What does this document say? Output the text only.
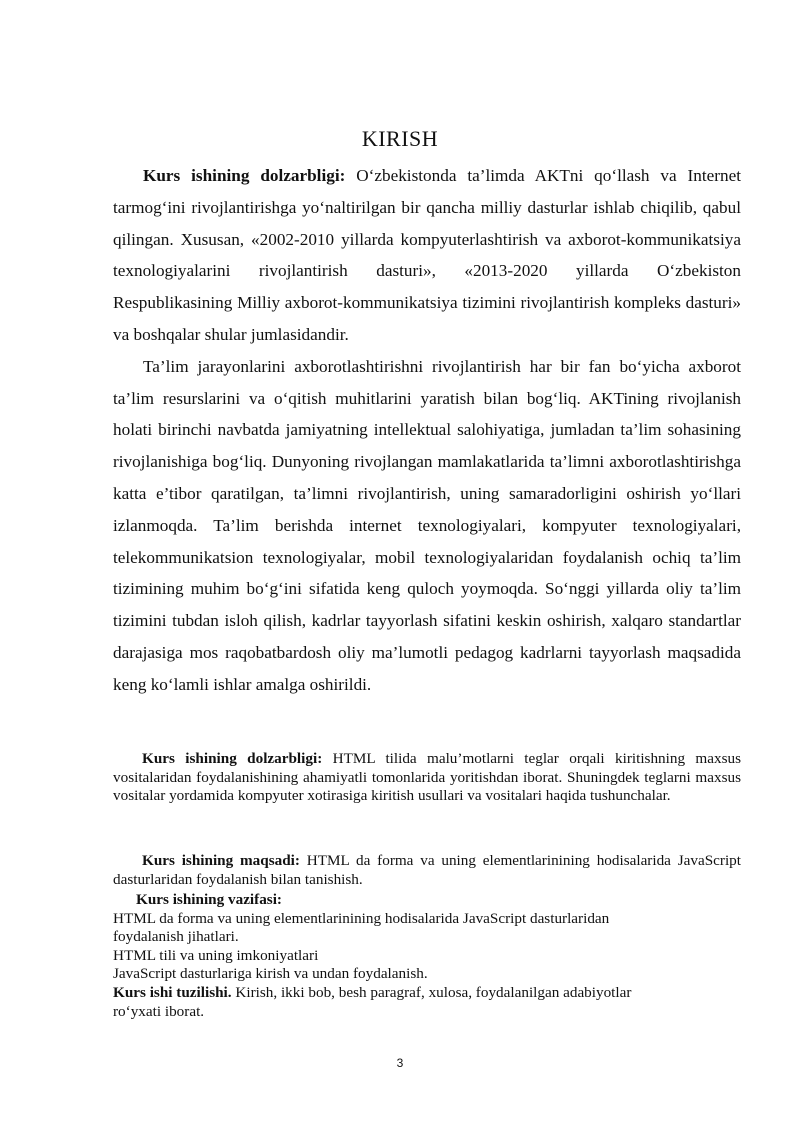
KIRISH

Kurs ishining dolzarbligi: O‘zbekistonda ta’limda AKTni qo‘llash va Internet tarmog‘ini rivojlantirishga yo‘naltirilgan bir qancha milliy dasturlar ishlab chiqilib, qabul qilingan. Xususan, «2002-2010 yillarda kompyuterlashtirish va axborot-kommunikatsiya texnologiyalarini rivojlantirish dasturi», «2013-2020 yillarda O‘zbekiston Respublikasining Milliy axborot-kommunikatsiya tizimini rivojlantirish kompleks dasturi» va boshqalar shular jumlasidandir.

Ta’lim jarayonlarini axborotlashtirishni rivojlantirish har bir fan bo‘yicha axborot ta’lim resurslarini va o‘qitish muhitlarini yaratish bilan bog‘liq. AKTining rivojlanish holati birinchi navbatda jamiyatning intellektual salohiyatiga, jumladan ta’lim sohasining rivojlanishiga bog‘liq. Dunyoning rivojlangan mamlakatlarida ta’limni axborotlashtirishga katta e’tibor qaratilgan, ta’limni rivojlantirish, uning samaradorligini oshirish yo‘llari izlanmoqda. Ta’lim berishda internet texnologiyalari, kompyuter texnologiyalari, telekommunikatsion texnologiyalar, mobil texnologiyalaridan foydalanish ochiq ta’lim tizimining muhim bo‘g‘ini sifatida keng quloch yoymoqda. So‘nggi yillarda oliy ta’lim tizimini tubdan isloh qilish, kadrlar tayyorlash sifatini keskin oshirish, xalqaro standartlar darajasiga mos raqobatbardosh oliy ma’lumotli pedagog kadrlarni tayyorlash maqsadida keng ko‘lamli ishlar amalga oshirildi.

Kurs ishining dolzarbligi: HTML tilida malu’motlarni teglar orqali kiritishning maxsus vositalaridan foydalanishining ahamiyatli tomonlarida yoritishdan iborat. Shuningdek teglarni maxsus vositalar yordamida kompyuter xotirasiga kiritish usullari va vositalari haqida tushunchalar.

Kurs ishining maqsadi: HTML da forma va uning elementlarinining hodisalarida JavaScript dasturlaridan foydalanish bilan tanishish.

Kurs ishining vazifasi:
HTML da forma va uning elementlarinining hodisalarida JavaScript dasturlaridan
foydalanish jihatlari.
HTML tili va uning imkoniyatlari
JavaScript dasturlariga kirish va undan foydalanish.
Kurs ishi tuzilishi. Kirish, ikki bob, besh paragraf, xulosa, foydalanilgan adabiyotlar
ro‘yxati iborat.
3
